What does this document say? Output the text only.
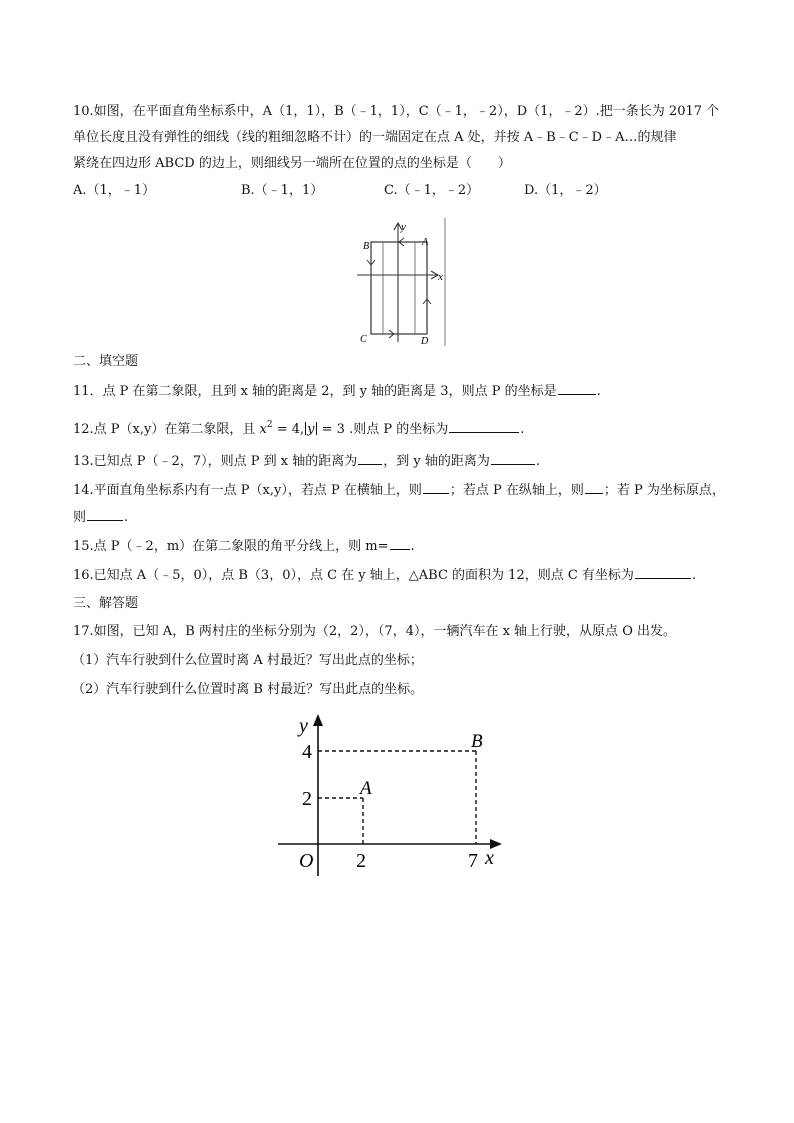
10.如图，在平面直角坐标系中，A（1，1），B（﹣1，1），C（﹣1，﹣2），D（1，﹣2）.把一条长为 2017 个
单位长度且没有弹性的细线（线的粗细忽略不计）的一端固定在点 A 处，并按 A﹣B﹣C﹣D﹣A…的规律
紧绕在四边形 ABCD 的边上，则细线另一端所在位置的点的坐标是（　　）
A.（1，﹣1）	B.（﹣1，1）	C.（﹣1，﹣2）	D.（1，﹣2）
y
x
A
B
C	D
二、填空题
11．点 P 在第二象限，且到 x 轴的距离是 2，到 y 轴的距离是 3，则点 P 的坐标是	.
12.点 P（x,y）在第二象限，且 $x^2 = 4$, y = 3 .则点 P 的坐标为	.
13.已知点 P（﹣2，7），则点 P 到 x 轴的距离为 ，到 y 轴的距离为	.
14.平面直角坐标系内有一点 P（x,y），若点 P 在横轴上，则 ；若点 P 在纵轴上，则 ；若 P 为坐标原点，
则	.
15.点 P（﹣2，m）在第二象限的角平分线上，则 m= .
16.已知点 A（﹣5，0），点 B（3，0），点 C 在 y 轴上，△ABC 的面积为 12，则点 C 有坐标为	.
三、解答题
17.如图，已知 A，B 两村庄的坐标分别为（2，2），（7，4），一辆汽车在 x 轴上行驶，从原点 O 出发。
（1）汽车行驶到什么位置时离 A 村最近？写出此点的坐标；
（2）汽车行驶到什么位置时离 B 村最近？写出此点的坐标。
y
x
O
4
2
2	7
A
B
